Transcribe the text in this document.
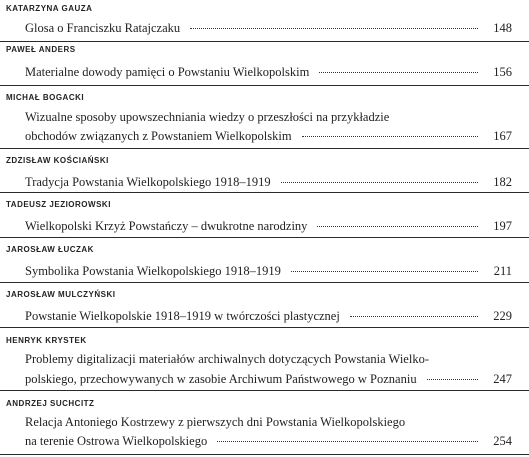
KATARZYNA GAUZA
Glosa o Franciszku Ratajczaku	148
PAWEŁ ANDERS
Materialne dowody pamięci o Powstaniu Wielkopolskim	156
MICHAŁ BOGACKI
Wizualne sposoby upowszechniania wiedzy o przeszłości na przykładzie
obchodów związanych z Powstaniem Wielkopolskim	167
ZDZISŁAW KOŚCIAŃSKI
Tradycja Powstania Wielkopolskiego 1918–1919	182
TADEUSZ JEZIOROWSKI
Wielkopolski Krzyż Powstańczy – dwukrotne narodziny	197
JAROSŁAW ŁUCZAK
Symbolika Powstania Wielkopolskiego 1918–1919	211
JAROSŁAW MULCZYŃSKI
Powstanie Wielkopolskie 1918–1919 w twórczości plastycznej	229
HENRYK KRYSTEK
Problemy digitalizacji materiałów archiwalnych dotyczących Powstania Wielko-
polskiego, przechowywanych w zasobie Archiwum Państwowego w Poznaniu	247
ANDRZEJ SUCHCITZ
Relacja Antoniego Kostrzewy z pierwszych dni Powstania Wielkopolskiego
na terenie Ostrowa Wielkopolskiego	254
